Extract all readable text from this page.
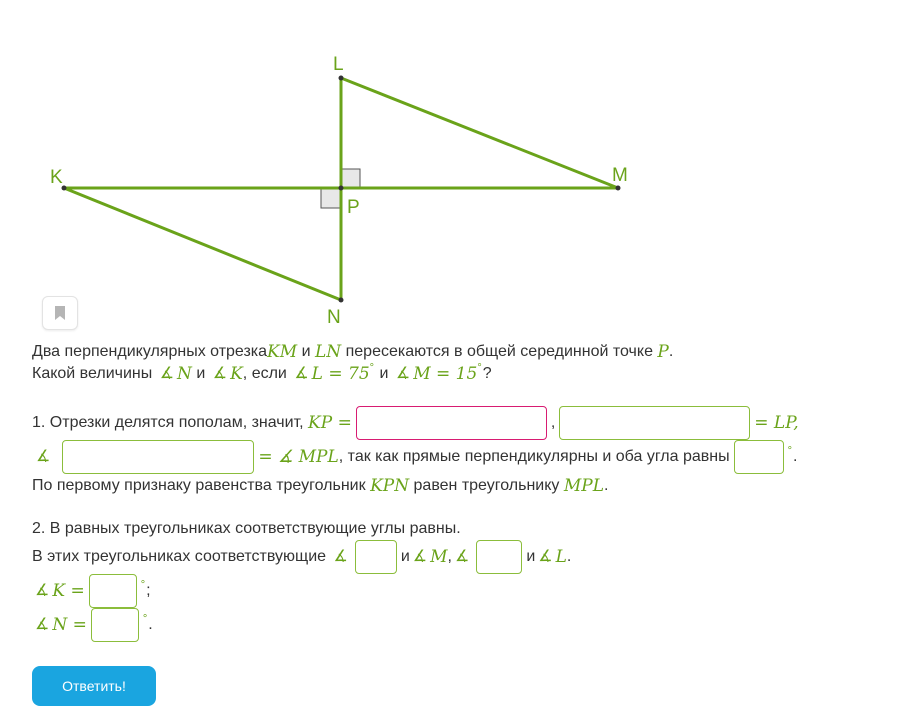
L
K	M
P
N
Два перпендикулярных отрезка KM и LN пересекаются в общей серединной точке P .
Какой величины ∡ N и ∡ K , если ∡ L = 75 ° и ∡ M = 15 ° ?
1. Отрезки делятся пополам, значит, KP =	,	= LP,
∡	= ∡ MPL , так как прямые перпендикулярны и оба угла равны	° .
По первому признаку равенства треугольник KPN равен треугольнику MPL .
2. В равных треугольниках соответствующие углы равны.
В этих треугольниках соответствующие ∡	и ∡ M , ∡	и ∡ L .
∡ K =	° ;
∡ N =	° .
Ответить!
